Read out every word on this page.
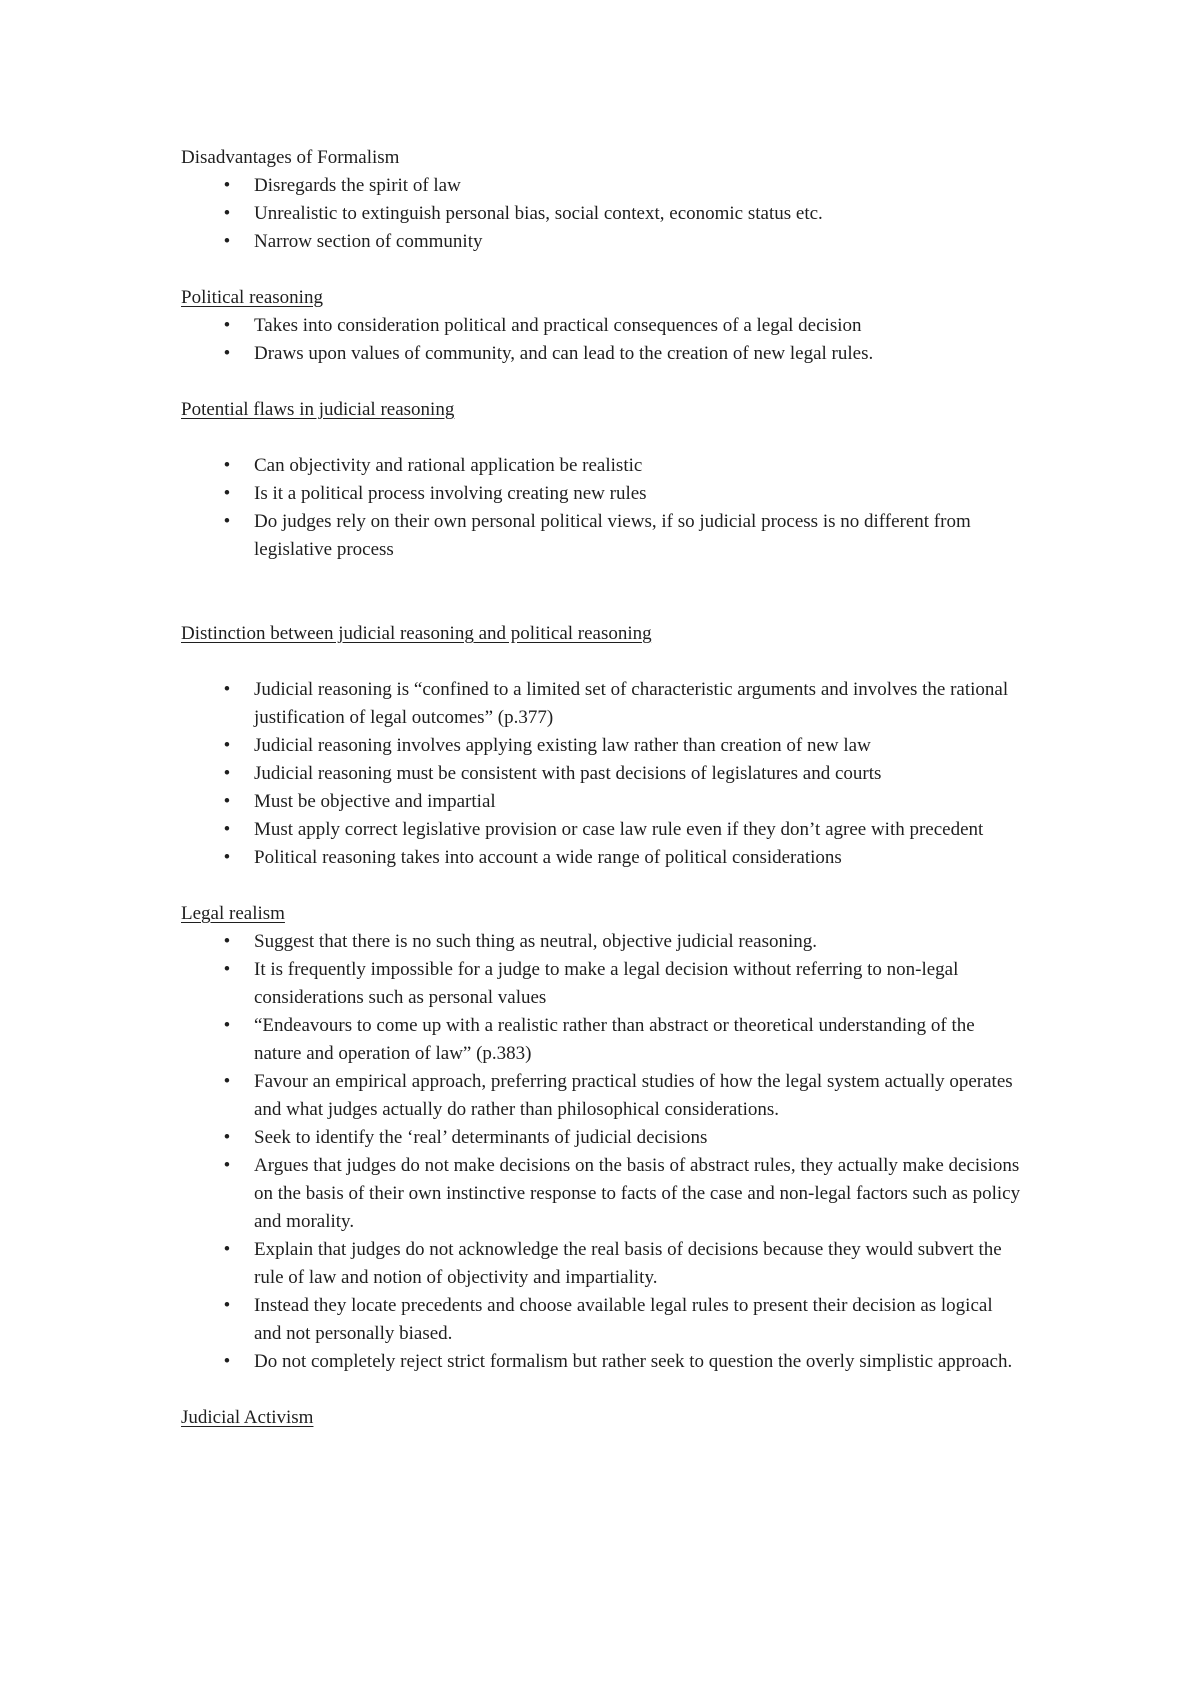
Disadvantages of Formalism

•	Disregards the spirit of law
•	Unrealistic to extinguish personal bias, social context, economic status etc.
•	Narrow section of community

Political reasoning

•	Takes into consideration political and practical consequences of a legal decision
•	Draws upon values of community, and can lead to the creation of new legal rules.

Potential flaws in judicial reasoning

•	Can objectivity and rational application be realistic
•	Is it a political process involving creating new rules
•	Do judges rely on their own personal political views, if so judicial process is no different from legislative process

Distinction between judicial reasoning and political reasoning

•	Judicial reasoning is “confined to a limited set of characteristic arguments and involves the rational justification of legal outcomes” (p.377)
•	Judicial reasoning involves applying existing law rather than creation of new law
•	Judicial reasoning must be consistent with past decisions of legislatures and courts
•	Must be objective and impartial
•	Must apply correct legislative provision or case law rule even if they don’t agree with precedent
•	Political reasoning takes into account a wide range of political considerations

Legal realism

•	Suggest that there is no such thing as neutral, objective judicial reasoning.
•	It is frequently impossible for a judge to make a legal decision without referring to non-legal considerations such as personal values
•	“Endeavours to come up with a realistic rather than abstract or theoretical understanding of the nature and operation of law” (p.383)
•	Favour an empirical approach, preferring practical studies of how the legal system actually operates and what judges actually do rather than philosophical considerations.
•	Seek to identify the ‘real’ determinants of judicial decisions
•	Argues that judges do not make decisions on the basis of abstract rules, they actually make decisions on the basis of their own instinctive response to facts of the case and non-legal factors such as policy and morality.
•	Explain that judges do not acknowledge the real basis of decisions because they would subvert the rule of law and notion of objectivity and impartiality.
•	Instead they locate precedents and choose available legal rules to present their decision as logical and not personally biased.
•	Do not completely reject strict formalism but rather seek to question the overly simplistic approach.

Judicial Activism
